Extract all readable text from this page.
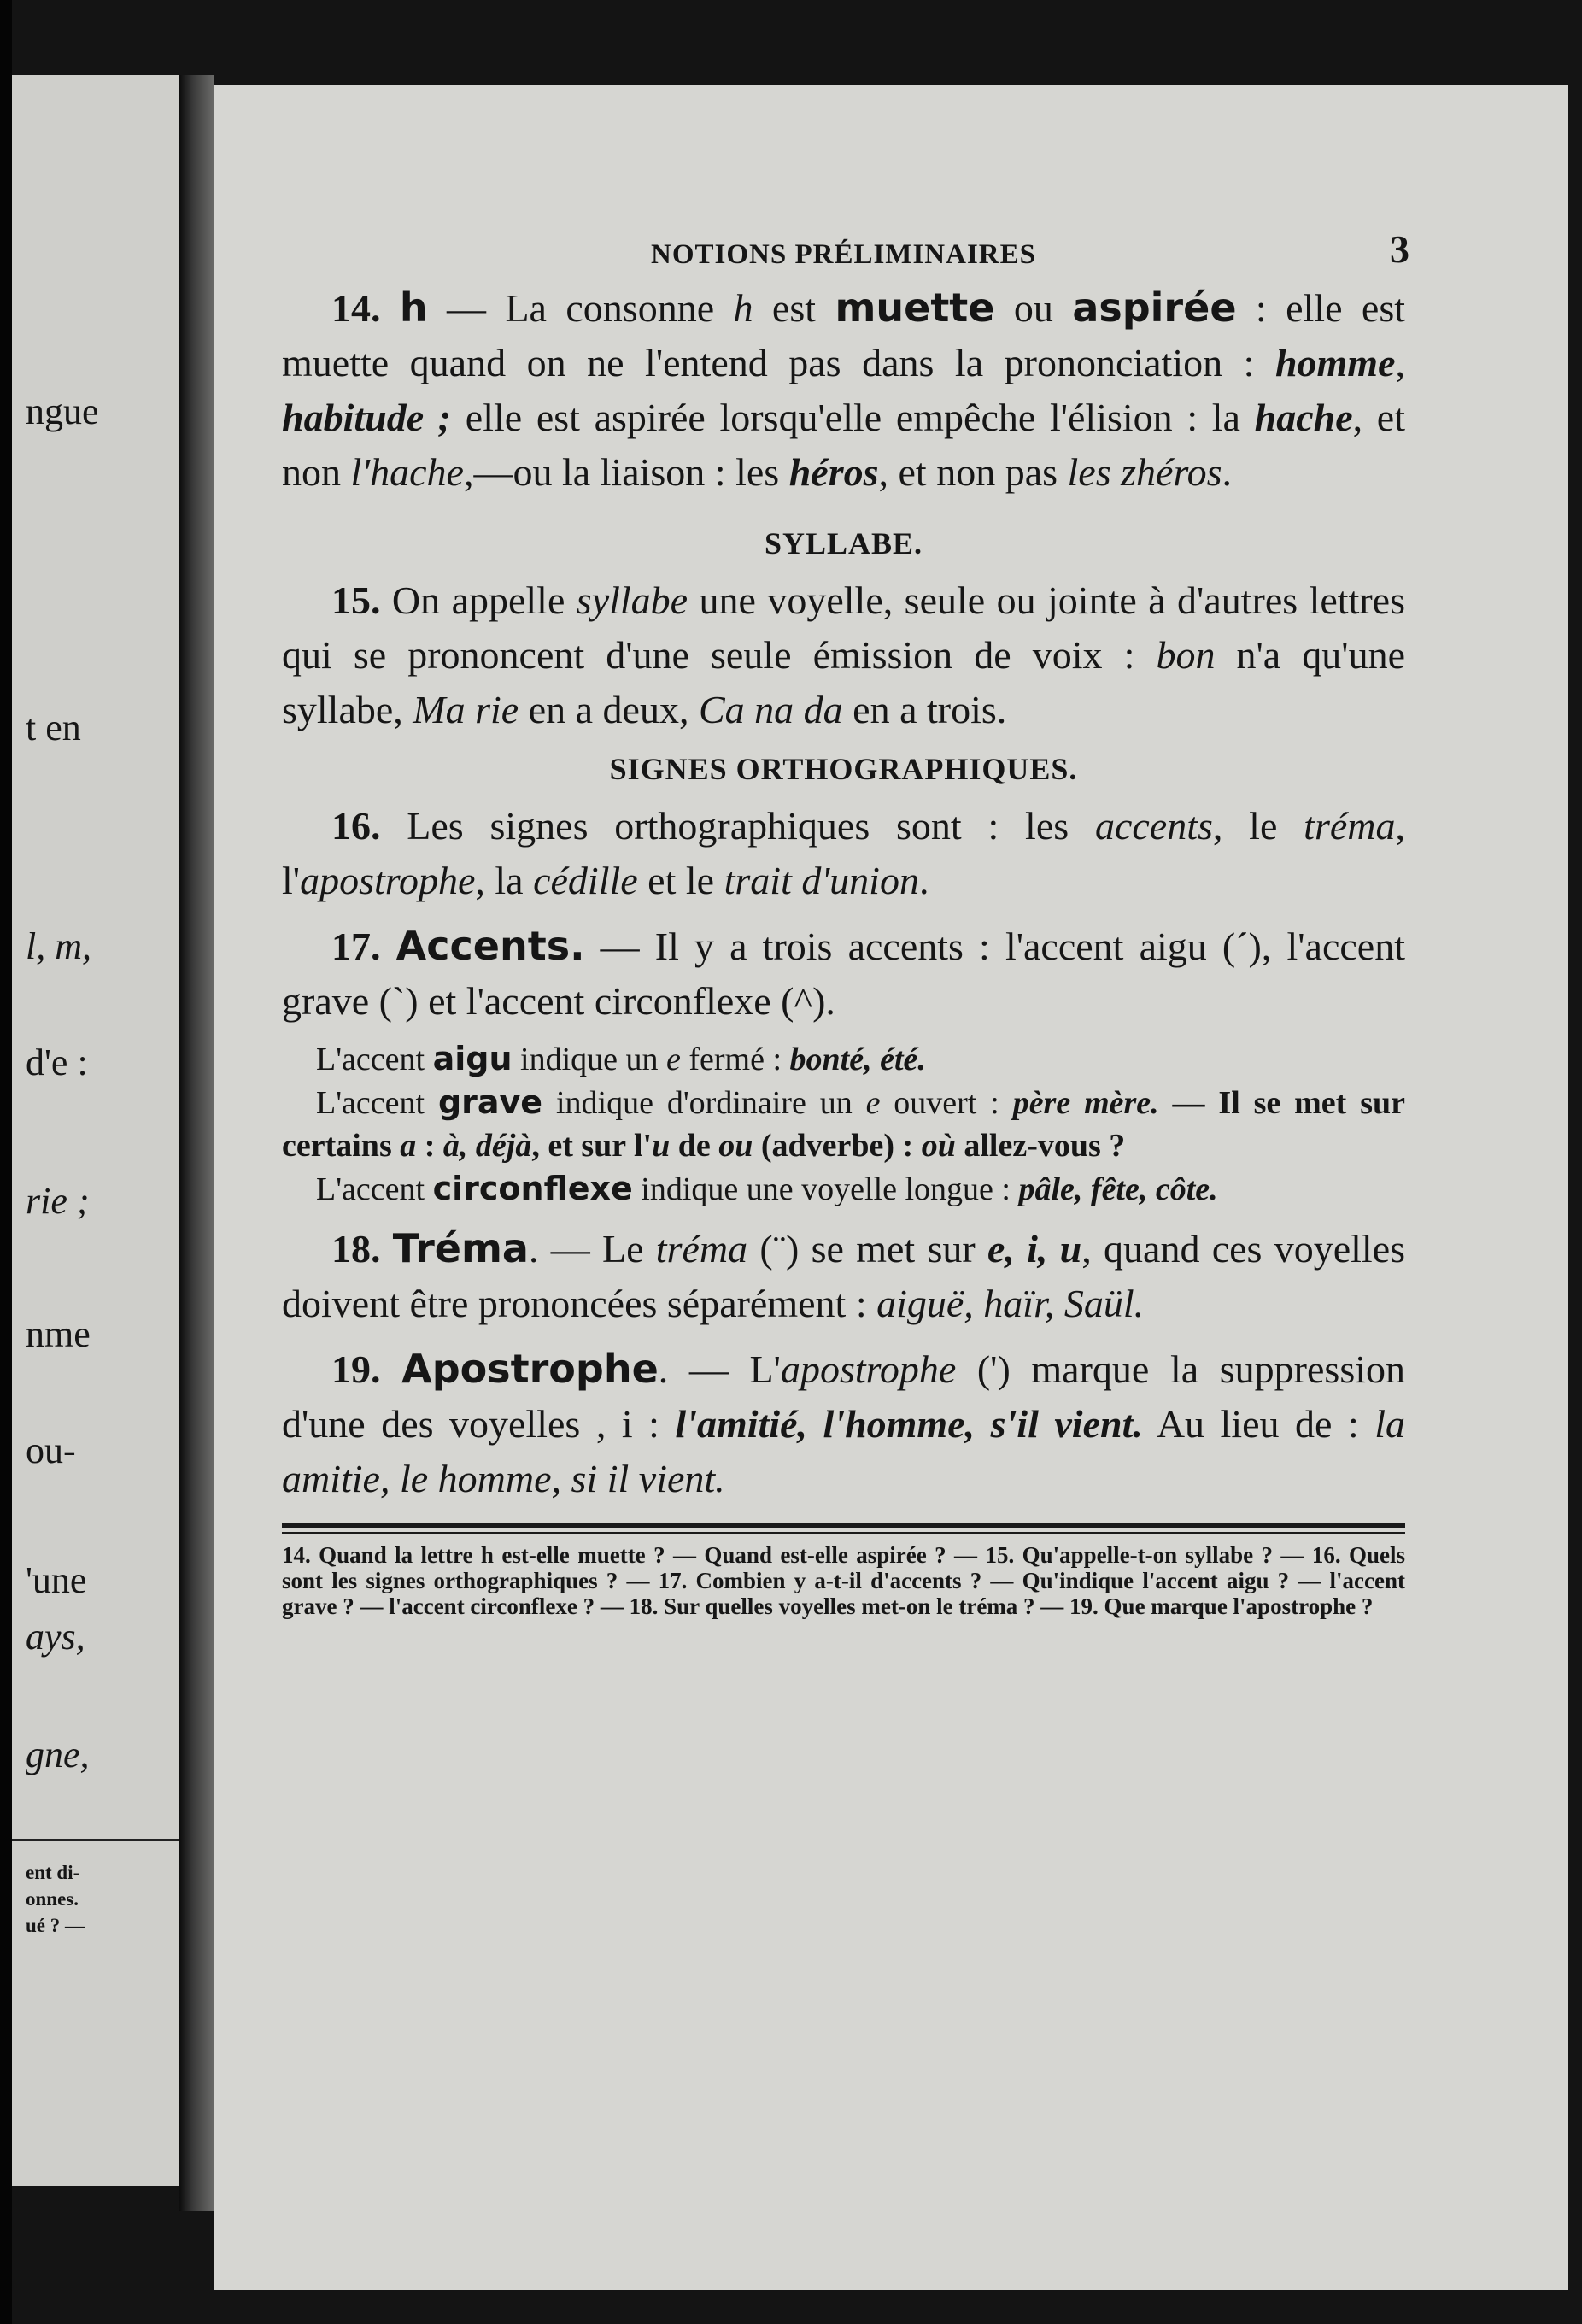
ngue
t en
l, m,
d'e :
rie ;
nme
ou-
'une
ays,
gne,
ent di-
onnes.
ué ? —
NOTIONS PRÉLIMINAIRES	3

14. h — La consonne h est muette ou aspirée : elle est muette quand on ne l'entend pas dans la prononciation : homme, habitude ; elle est aspirée lorsqu'elle empêche l'élision : la hache, et non l'hache,—ou la liaison : les héros, et non pas les zhéros.

SYLLABE.

15. On appelle syllabe une voyelle, seule ou jointe à d'autres lettres qui se prononcent d'une seule émission de voix : bon n'a qu'une syllabe, Ma rie en a deux, Ca na da en a trois.

SIGNES ORTHOGRAPHIQUES.

16. Les signes orthographiques sont : les accents, le tréma, l'apostrophe, la cédille et le trait d'union.

17. Accents. — Il y a trois accents : l'accent aigu (´), l'accent grave (`) et l'accent circonflexe (^).

L'accent aigu indique un e fermé : bonté, été.

L'accent grave indique d'ordinaire un e ouvert : père mère. — Il se met sur certains a : à, déjà, et sur l'u de ou (adverbe) : où allez-vous ?

L'accent circonflexe indique une voyelle longue : pâle, fête, côte.

18. Tréma. — Le tréma (¨) se met sur e, i, u, quand ces voyelles doivent être prononcées séparément : aiguë, haïr, Saül.

19. Apostrophe. — L'apostrophe (') marque la suppression d'une des voyelles , i : l'amitié, l'homme, s'il vient. Au lieu de : la amitie, le homme, si il vient.

14. Quand la lettre h est-elle muette ? — Quand est-elle aspirée ? — 15. Qu'appelle-t-on syllabe ? — 16. Quels sont les signes orthographiques ? — 17. Combien y a-t-il d'accents ? — Qu'indique l'accent aigu ? — l'accent grave ? — l'accent circonflexe ? — 18. Sur quelles voyelles met-on le tréma ? — 19. Que marque l'apostrophe ?
